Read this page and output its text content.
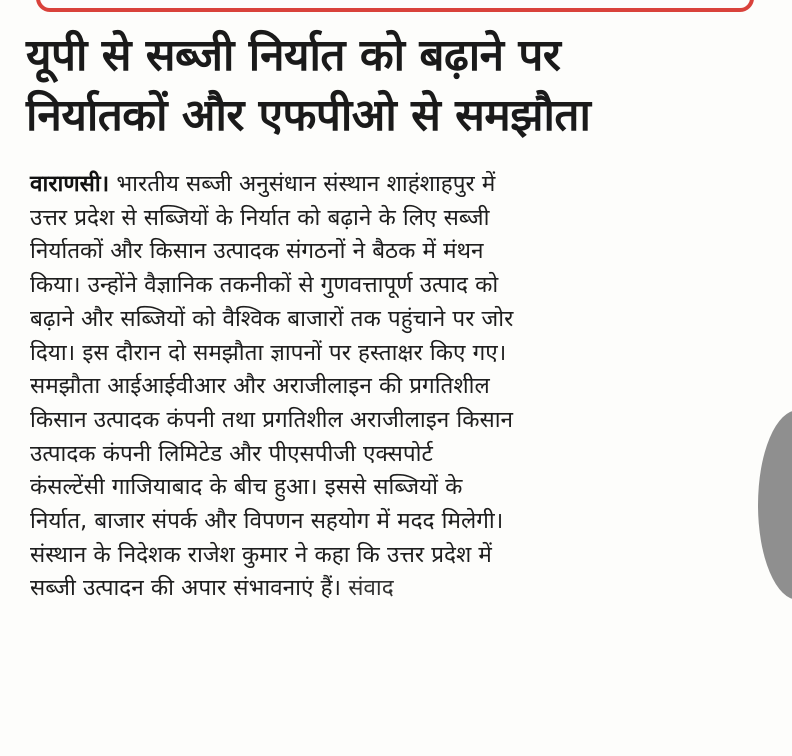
यूपी से सब्जी निर्यात को बढ़ाने पर
निर्यातकों और एफपीओ से समझौता
वाराणसी। भारतीय सब्जी अनुसंधान संस्थान शाहंशाहपुर में
उत्तर प्रदेश से सब्जियों के निर्यात को बढ़ाने के लिए सब्जी
निर्यातकों और किसान उत्पादक संगठनों ने बैठक में मंथन
किया। उन्होंने वैज्ञानिक तकनीकों से गुणवत्तापूर्ण उत्पाद को
बढ़ाने और सब्जियों को वैश्विक बाजारों तक पहुंचाने पर जोर
दिया। इस दौरान दो समझौता ज्ञापनों पर हस्ताक्षर किए गए।
समझौता आईआईवीआर और अराजीलाइन की प्रगतिशील
किसान उत्पादक कंपनी तथा प्रगतिशील अराजीलाइन किसान
उत्पादक कंपनी लिमिटेड और पीएसपीजी एक्सपोर्ट
कंसल्टेंसी गाजियाबाद के बीच हुआ। इससे सब्जियों के
निर्यात, बाजार संपर्क और विपणन सहयोग में मदद मिलेगी।
संस्थान के निदेशक राजेश कुमार ने कहा कि उत्तर प्रदेश में
सब्जी उत्पादन की अपार संभावनाएं हैं। संवाद
